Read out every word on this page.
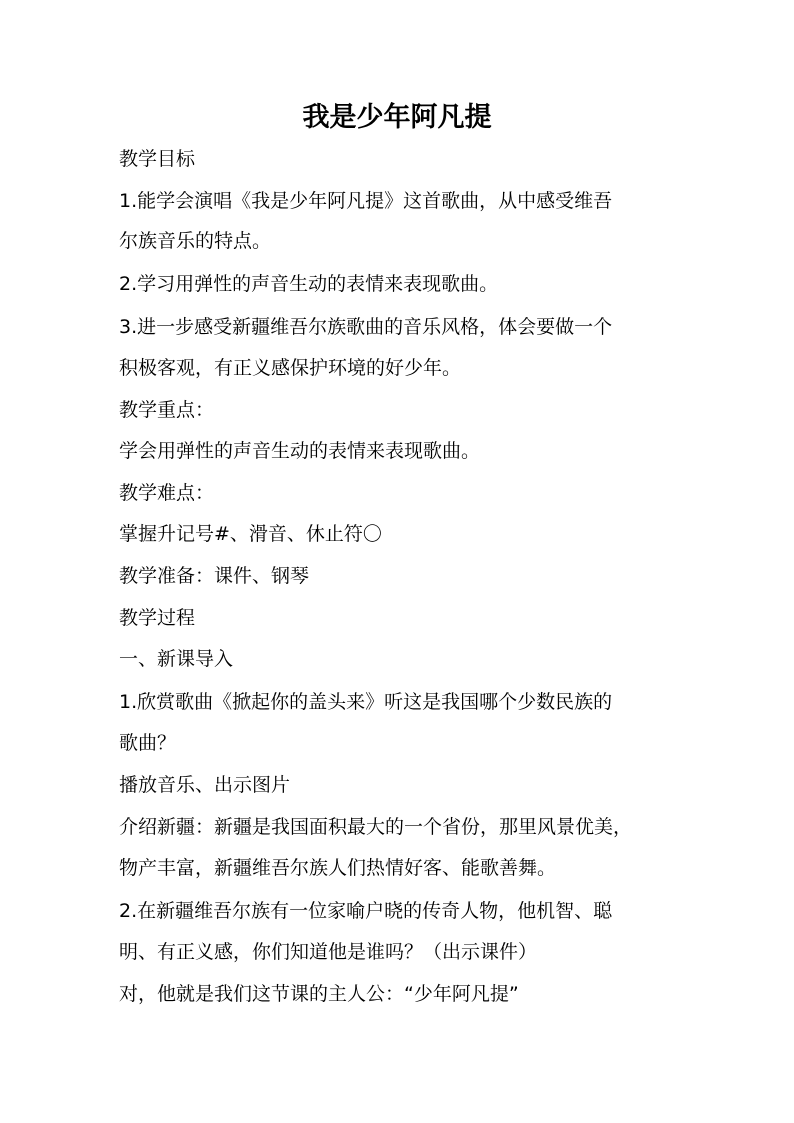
我是少年阿凡提
教学目标
1.能学会演唱《我是少年阿凡提》这首歌曲，从中感受维吾
尔族音乐的特点。
2.学习用弹性的声音生动的表情来表现歌曲。
3.进一步感受新疆维吾尔族歌曲的音乐风格，体会要做一个
积极客观，有正义感保护环境的好少年。
教学重点：
学会用弹性的声音生动的表情来表现歌曲。
教学难点：
掌握升记号#、滑音、休止符〇
教学准备：课件、钢琴
教学过程
一、新课导入
1.欣赏歌曲《掀起你的盖头来》听这是我国哪个少数民族的
歌曲？
播放音乐、出示图片
介绍新疆：新疆是我国面积最大的一个省份，那里风景优美，
物产丰富，新疆维吾尔族人们热情好客、能歌善舞。
2.在新疆维吾尔族有一位家喻户晓的传奇人物，他机智、聪
明、有正义感，你们知道他是谁吗？（出示课件）
对，他就是我们这节课的主人公：“少年阿凡提”
